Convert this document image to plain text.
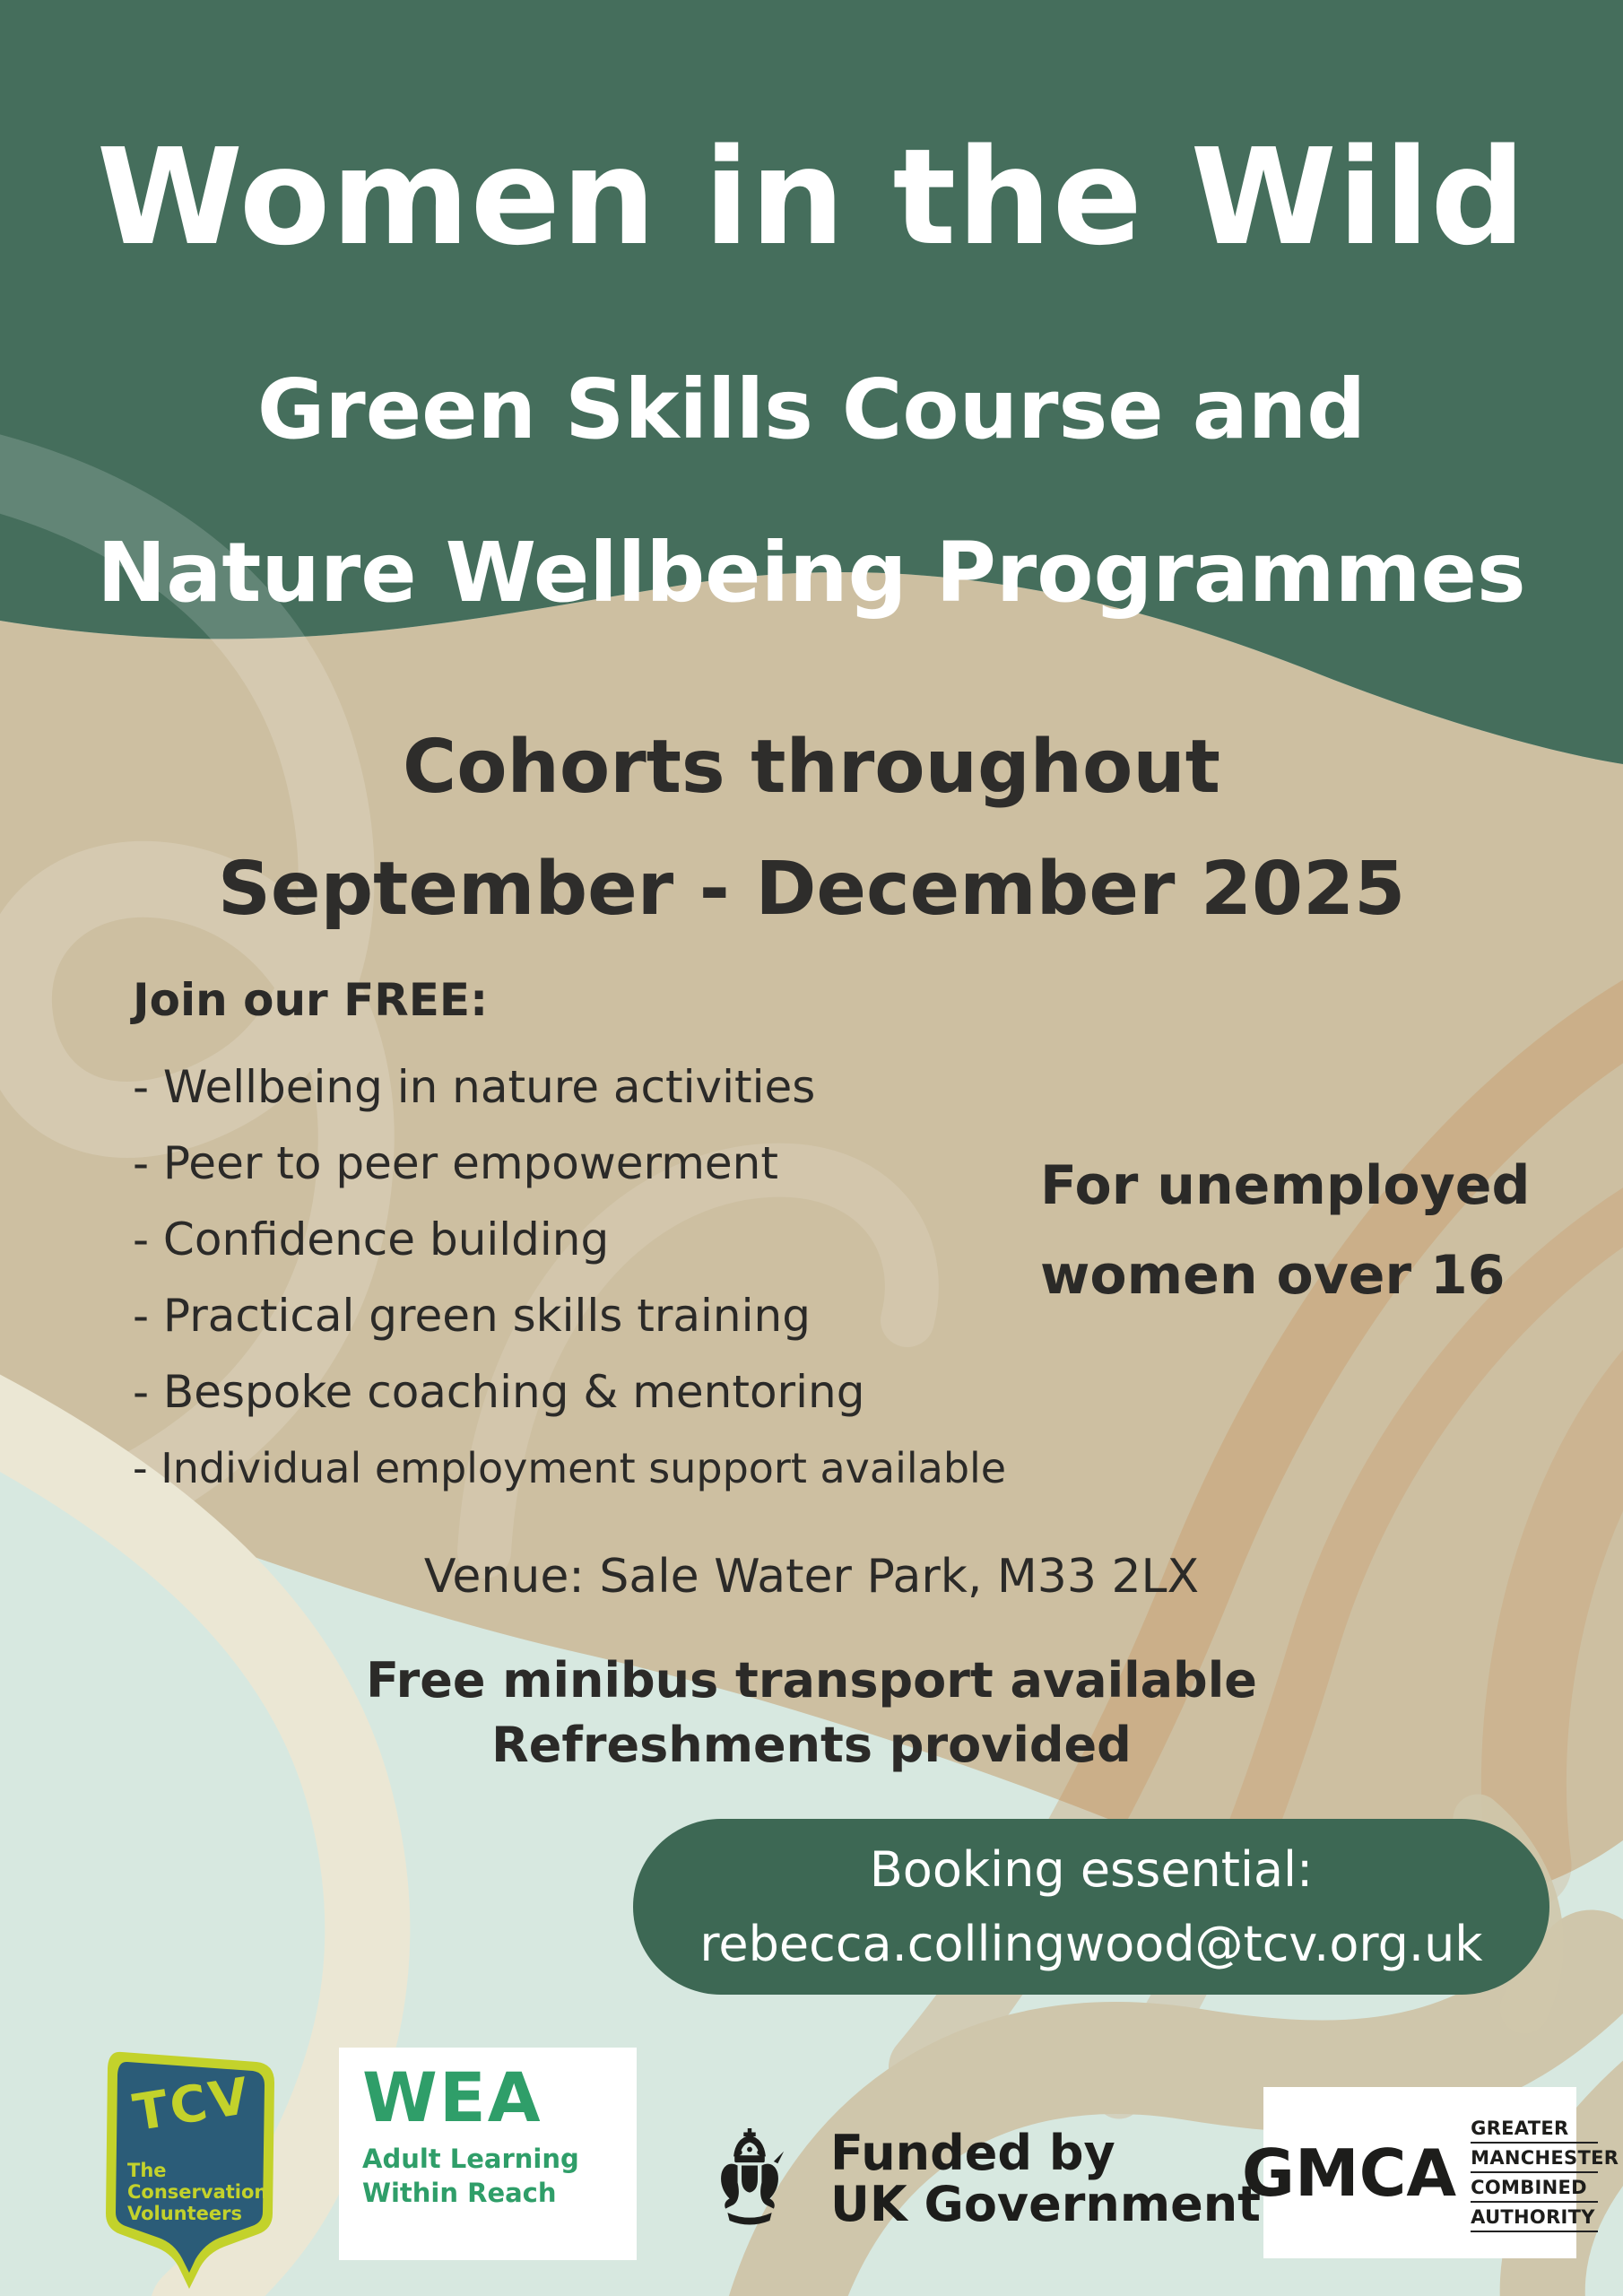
Women in the Wild
Green Skills Course and
Nature Wellbeing Programmes
Cohorts throughout
September - December 2025
Join our FREE:
- Wellbeing in nature activities
- Peer to peer empowerment
- Confidence building
- Practical green skills training
- Bespoke coaching & mentoring
- Individual employment support available
For unemployed
women over 16
Venue: Sale Water Park, M33 2LX
Free minibus transport available
Refreshments provided
Booking essential:
rebecca.collingwood@tcv.org.uk
TCV
The
Conservation
Volunteers
WEA
Adult Learning
Within Reach
Funded by
UK Government
GMCA
GREATER
MANCHESTER
COMBINED
AUTHORITY
